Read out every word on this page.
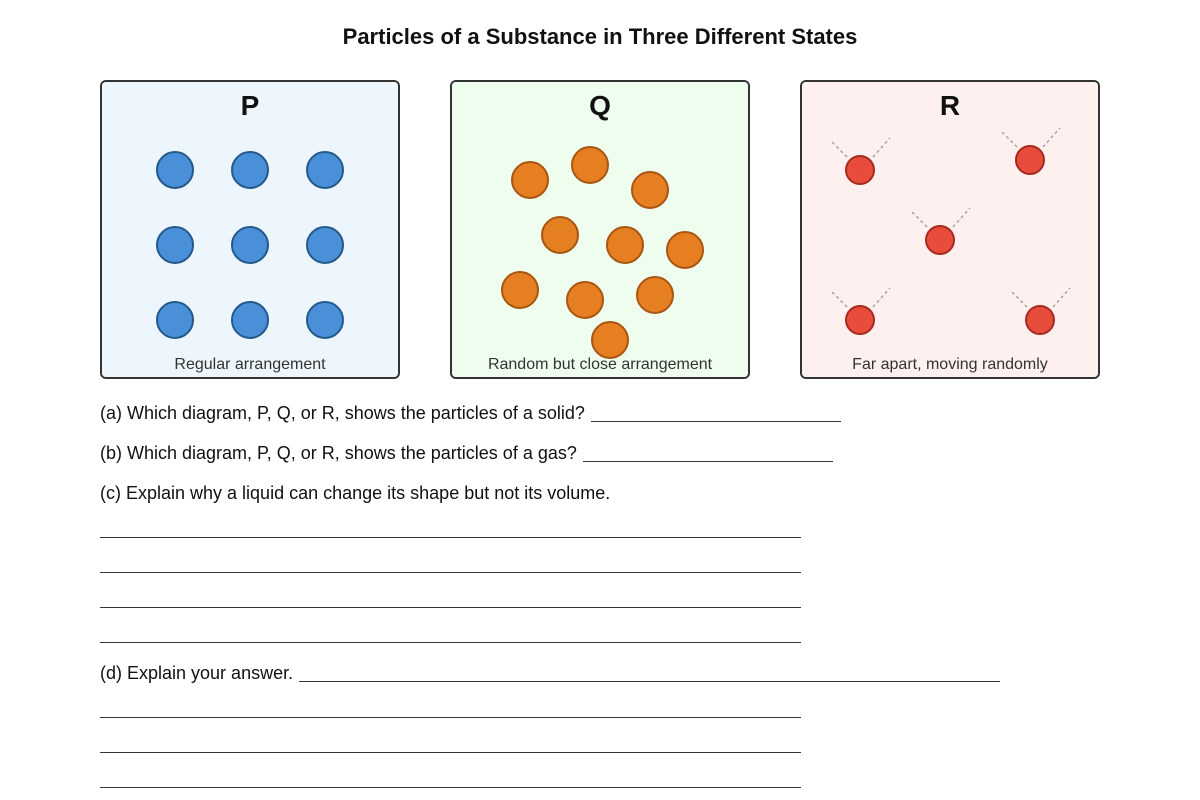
Particles of a Substance in Three Different States
P
Regular arrangement
Q
Random but close arrangement
R
Far apart, moving randomly
(a) Which diagram, P, Q, or R, shows the particles of a solid?
(b) Which diagram, P, Q, or R, shows the particles of a gas?
(c) Explain why a liquid can change its shape but not its volume.
(d) Explain your answer.
